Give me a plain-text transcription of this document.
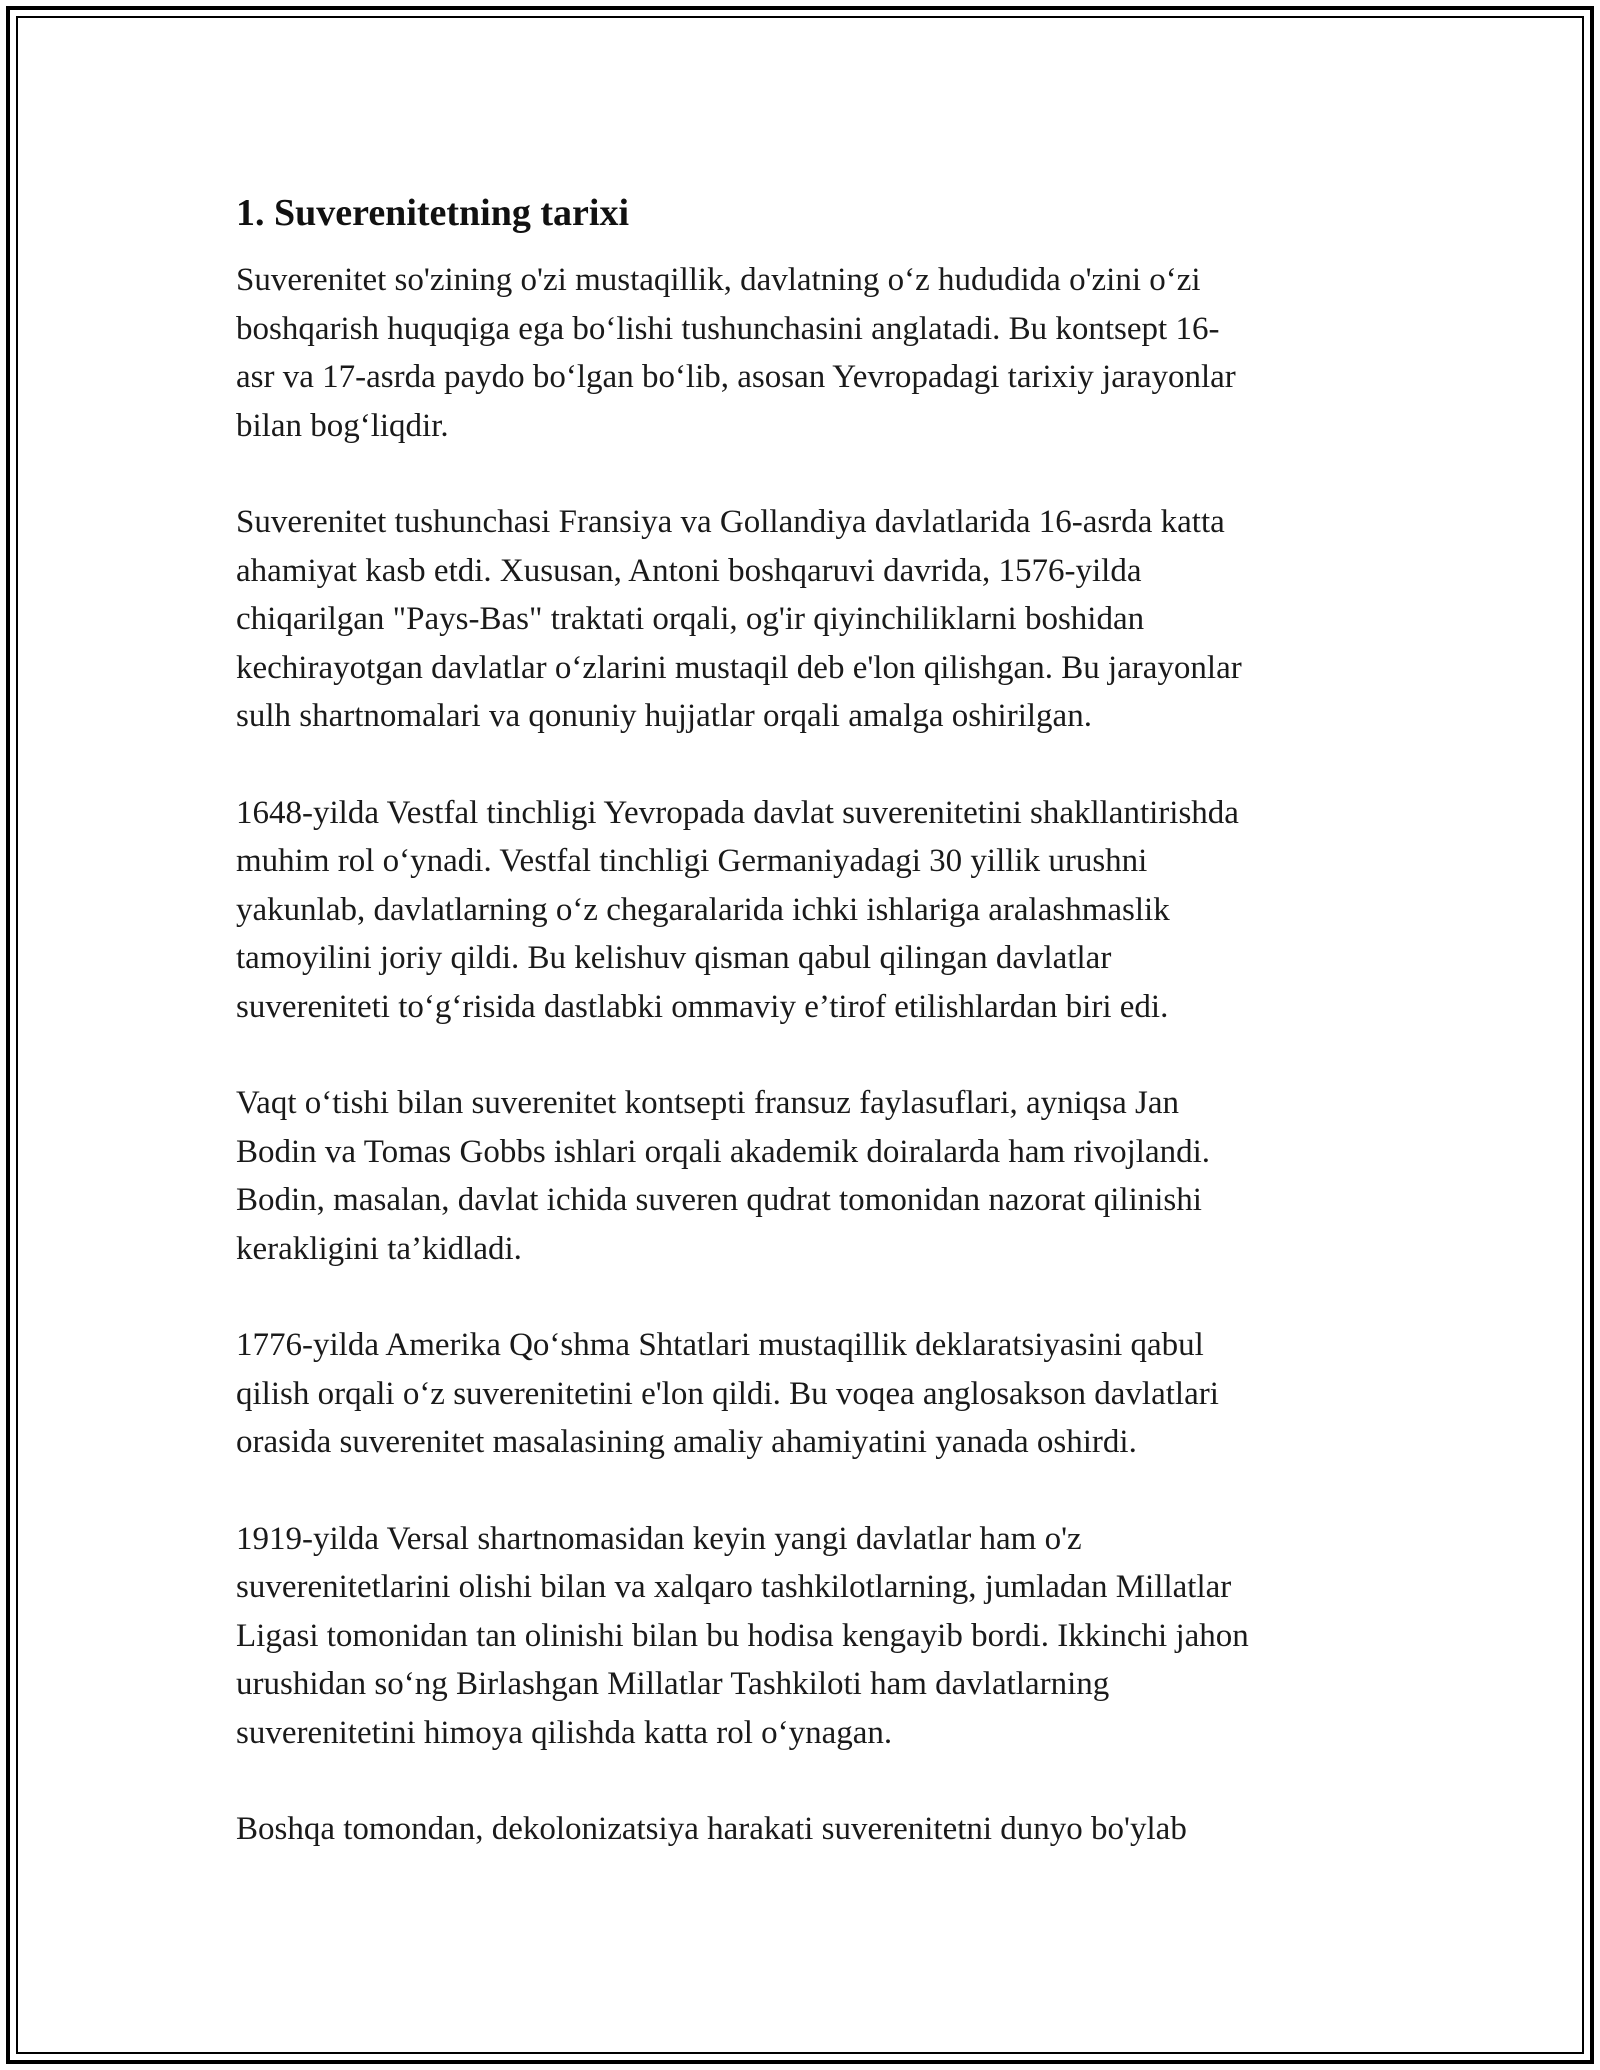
1. Suverenitetning tarixi
Suverenitet so'zining o'zi mustaqillik, davlatning o‘z hududida o'zini o‘zi
boshqarish huquqiga ega bo‘lishi tushunchasini anglatadi. Bu kontsept 16-
asr va 17-asrda paydo bo‘lgan bo‘lib, asosan Yevropadagi tarixiy jarayonlar
bilan bog‘liqdir.
Suverenitet tushunchasi Fransiya va Gollandiya davlatlarida 16-asrda katta
ahamiyat kasb etdi. Xususan, Antoni boshqaruvi davrida, 1576-yilda
chiqarilgan "Pays-Bas" traktati orqali, og'ir qiyinchiliklarni boshidan
kechirayotgan davlatlar o‘zlarini mustaqil deb e'lon qilishgan. Bu jarayonlar
sulh shartnomalari va qonuniy hujjatlar orqali amalga oshirilgan.
1648-yilda Vestfal tinchligi Yevropada davlat suverenitetini shakllantirishda
muhim rol o‘ynadi. Vestfal tinchligi Germaniyadagi 30 yillik urushni
yakunlab, davlatlarning o‘z chegaralarida ichki ishlariga aralashmaslik
tamoyilini joriy qildi. Bu kelishuv qisman qabul qilingan davlatlar
suvereniteti to‘g‘risida dastlabki ommaviy e’tirof etilishlardan biri edi.
Vaqt o‘tishi bilan suverenitet kontsepti fransuz faylasuflari, ayniqsa Jan
Bodin va Tomas Gobbs ishlari orqali akademik doiralarda ham rivojlandi.
Bodin, masalan, davlat ichida suveren qudrat tomonidan nazorat qilinishi
kerakligini ta’kidladi.
1776-yilda Amerika Qo‘shma Shtatlari mustaqillik deklaratsiyasini qabul
qilish orqali o‘z suverenitetini e'lon qildi. Bu voqea anglosakson davlatlari
orasida suverenitet masalasining amaliy ahamiyatini yanada oshirdi.
1919-yilda Versal shartnomasidan keyin yangi davlatlar ham o'z
suverenitetlarini olishi bilan va xalqaro tashkilotlarning, jumladan Millatlar
Ligasi tomonidan tan olinishi bilan bu hodisa kengayib bordi. Ikkinchi jahon
urushidan so‘ng Birlashgan Millatlar Tashkiloti ham davlatlarning
suverenitetini himoya qilishda katta rol o‘ynagan.
Boshqa tomondan, dekolonizatsiya harakati suverenitetni dunyo bo'ylab
